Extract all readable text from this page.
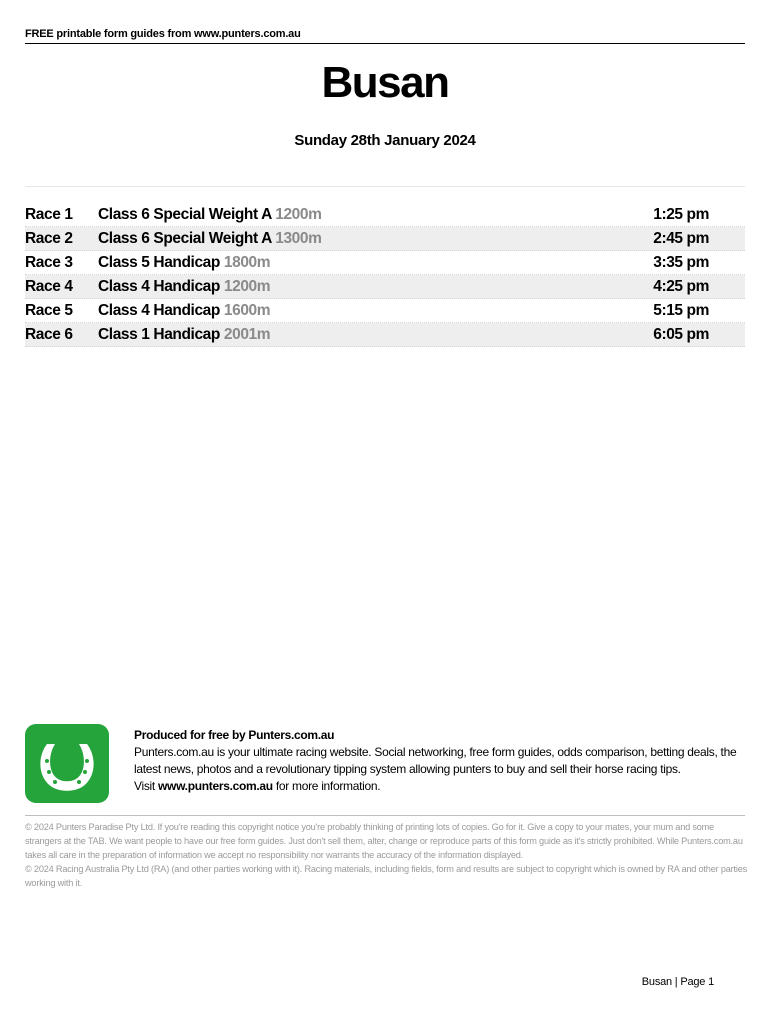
FREE printable form guides from www.punters.com.au
Busan
Sunday 28th January 2024
Race 1 Class 6 Special Weight A 1200m	1:25 pm
Race 2 Class 6 Special Weight A 1300m	2:45 pm
Race 3 Class 5 Handicap 1800m	3:35 pm
Race 4 Class 4 Handicap 1200m	4:25 pm
Race 5 Class 4 Handicap 1600m	5:15 pm
Race 6 Class 1 Handicap 2001m	6:05 pm
Produced for free by Punters.com.au
Punters.com.au is your ultimate racing website. Social networking, free form guides, odds comparison, betting deals, the latest news, photos and a revolutionary tipping system allowing punters to buy and sell their horse racing tips.
Visit www.punters.com.au for more information.

© 2024 Punters Paradise Pty Ltd. If you're reading this copyright notice you're probably thinking of printing lots of copies. Go for it. Give a copy to your mates, your mum and some strangers at the TAB. We want people to have our free form guides. Just don't sell them, alter, change or reproduce parts of this form guide as it's strictly prohibited. While Punters.com.au takes all care in the preparation of information we accept no responsibility nor warrants the accuracy of the information displayed.

© 2024 Racing Australia Pty Ltd (RA) (and other parties working with it). Racing materials, including fields, form and results are subject to copyright which is owned by RA and other parties working with it.

Busan | Page 1
